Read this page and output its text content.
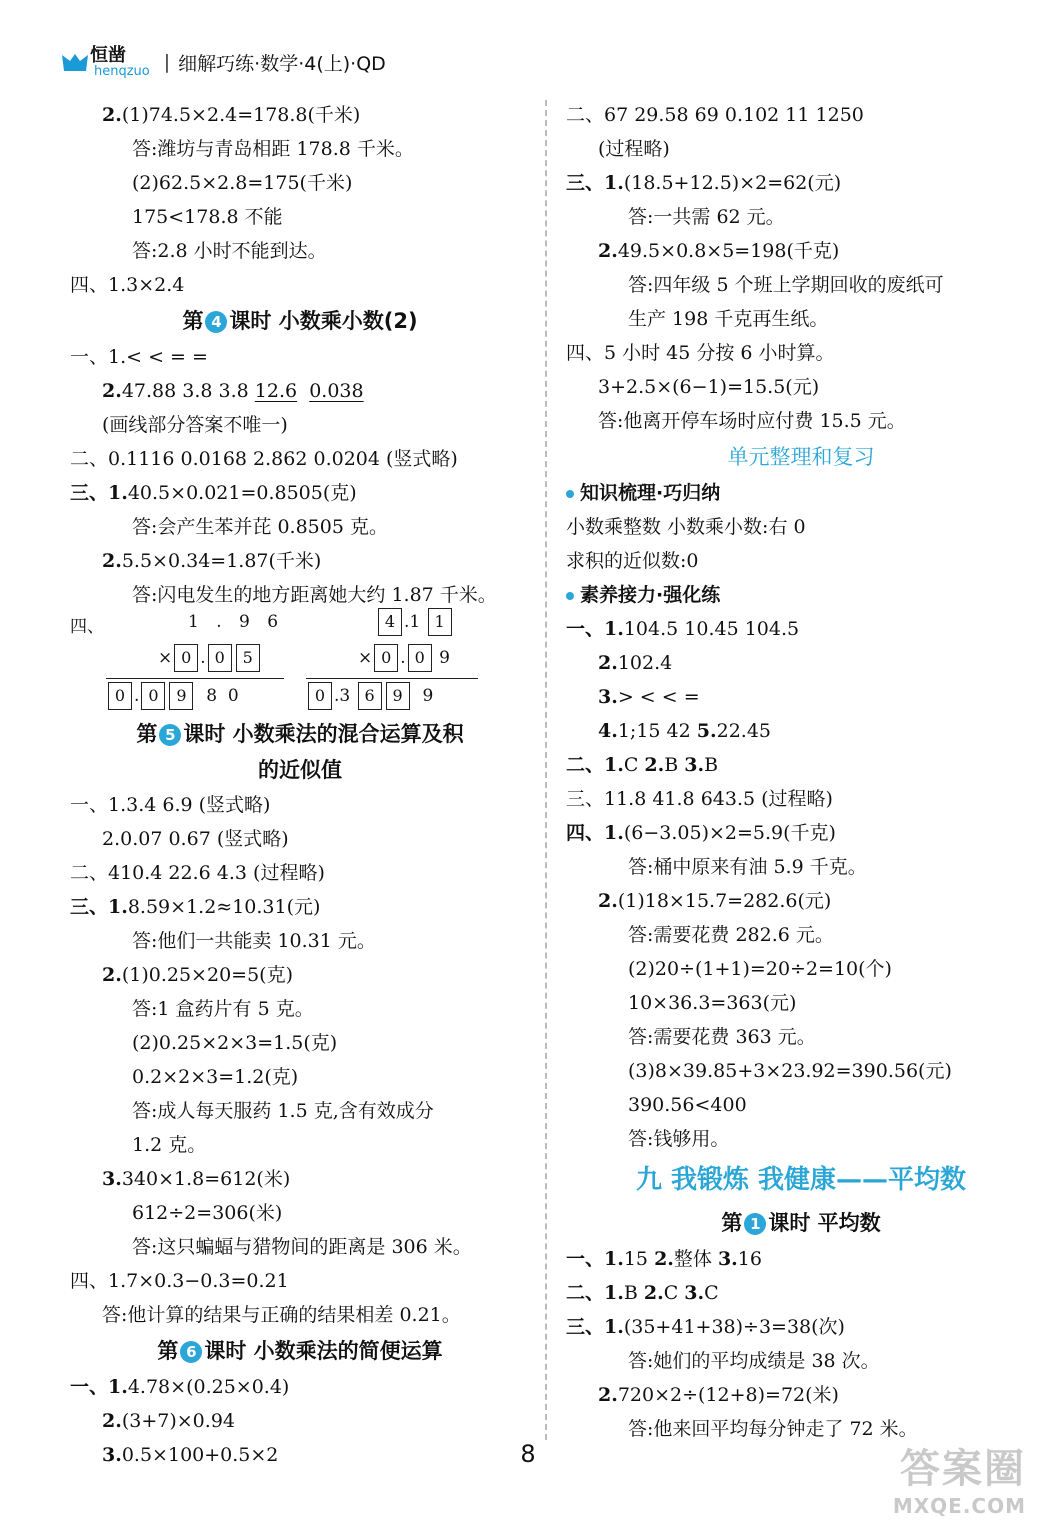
恒凿
henqzuo | 细解巧练·数学·4(上)·QD
2.(1)74.5×2.4=178.8(千米)
答:潍坊与青岛相距 178.8 千米。
(2)62.5×2.8=175(千米)
175<178.8 不能
答:2.8 小时不能到达。
四、1.3×2.4
第 4 课时 小数乘小数(2)
一、1.< < = =
2.47.88 3.8 3.8 12.6 0.038
(画线部分答案不唯一)
二、0.1116 0.0168 2.862 0.0204 (竖式略)
三、1.40.5×0.021=0.8505(克)
答:会产生苯并芘 0.8505 克。
2.5.5×0.34=1.87(千米)
答:闪电发生的地方距离她大约 1.87 千米。
四、	1 . 9 6
× 0 . 0 5
0 . 0 9 8 0
4 .1 1
× 0 . 0 9
0 .3 6 9 9
第 5 课时 小数乘法的混合运算及积
的近似值
一、1.3.4 6.9 (竖式略)
2.0.07 0.67 (竖式略)
二、410.4 22.6 4.3 (过程略)
三、1.8.59×1.2≈10.31(元)
答:他们一共能卖 10.31 元。
2.(1)0.25×20=5(克)
答:1 盒药片有 5 克。
(2)0.25×2×3=1.5(克)
0.2×2×3=1.2(克)
答:成人每天服药 1.5 克,含有效成分
1.2 克。
3.340×1.8=612(米)
612÷2=306(米)
答:这只蝙蝠与猎物间的距离是 306 米。
四、1.7×0.3−0.3=0.21
答:他计算的结果与正确的结果相差 0.21。
第 6 课时 小数乘法的简便运算
一、1.4.78×(0.25×0.4)
2.(3+7)×0.94
3.0.5×100+0.5×2
二、67 29.58 69 0.102 11 1250
(过程略)
三、1.(18.5+12.5)×2=62(元)
答:一共需 62 元。
2.49.5×0.8×5=198(千克)
答:四年级 5 个班上学期回收的废纸可
生产 198 千克再生纸。
四、5 小时 45 分按 6 小时算。
3+2.5×(6−1)=15.5(元)
答:他离开停车场时应付费 15.5 元。
单元整理和复习
知识梳理·巧归纳
小数乘整数 小数乘小数:右 0
求积的近似数:0
素养接力·强化练
一、1.104.5 10.45 104.5
2.102.4
3.> < < =
4.1;15 42 5.22.45
二、1.C 2.B 3.B
三、11.8 41.8 643.5 (过程略)
四、1.(6−3.05)×2=5.9(千克)
答:桶中原来有油 5.9 千克。
2.(1)18×15.7=282.6(元)
答:需要花费 282.6 元。
(2)20÷(1+1)=20÷2=10(个)
10×36.3=363(元)
答:需要花费 363 元。
(3)8×39.85+3×23.92=390.56(元)
390.56<400
答:钱够用。
九 我锻炼 我健康——平均数
第 1 课时 平均数
一、1.15 2.整体 3.16
二、1.B 2.C 3.C
三、1.(35+41+38)÷3=38(次)
答:她们的平均成绩是 38 次。
2.720×2÷(12+8)=72(米)
答:他来回平均每分钟走了 72 米。
8	答案圈
MXQE.COM
